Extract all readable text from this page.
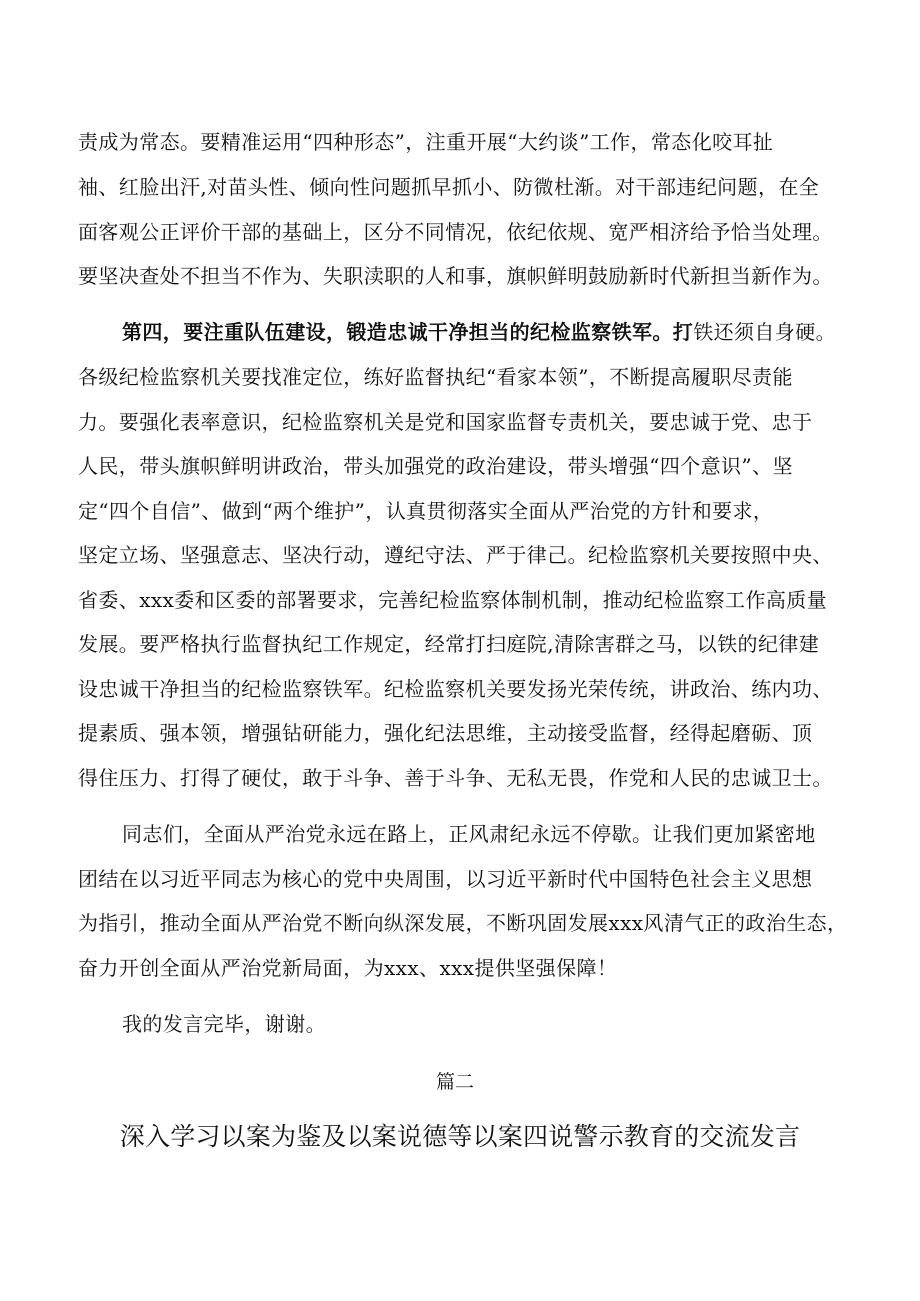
责成为常态。要精准运用“四种形态”，注重开展“大约谈”工作，常态化咬耳扯
袖、红脸出汗,对苗头性、倾向性问题抓早抓小、防微杜渐。对干部违纪问题，在全
面客观公正评价干部的基础上，区分不同情况，依纪依规、宽严相济给予恰当处理。
要坚决查处不担当不作为、失职渎职的人和事，旗帜鲜明鼓励新时代新担当新作为。
第四，要注重队伍建设，锻造忠诚干净担当的纪检监察铁军。打铁还须自身硬。
各级纪检监察机关要找准定位，练好监督执纪“看家本领”，不断提高履职尽责能
力。要强化表率意识，纪检监察机关是党和国家监督专责机关，要忠诚于党、忠于
人民，带头旗帜鲜明讲政治，带头加强党的政治建设，带头增强“四个意识”、坚
定“四个自信”、做到“两个维护”，认真贯彻落实全面从严治党的方针和要求，
坚定立场、坚强意志、坚决行动，遵纪守法、严于律己。纪检监察机关要按照中央、
省委、xxx委和区委的部署要求，完善纪检监察体制机制，推动纪检监察工作高质量
发展。要严格执行监督执纪工作规定，经常打扫庭院,清除害群之马，以铁的纪律建
设忠诚干净担当的纪检监察铁军。纪检监察机关要发扬光荣传统，讲政治、练内功、
提素质、强本领，增强钻研能力，强化纪法思维，主动接受监督，经得起磨砺、顶
得住压力、打得了硬仗，敢于斗争、善于斗争、无私无畏，作党和人民的忠诚卫士。
同志们，全面从严治党永远在路上，正风肃纪永远不停歇。让我们更加紧密地
团结在以习近平同志为核心的党中央周围，以习近平新时代中国特色社会主义思想
为指引，推动全面从严治党不断向纵深发展，不断巩固发展xxx风清气正的政治生态，
奋力开创全面从严治党新局面，为xxx、xxx提供坚强保障！
我的发言完毕，谢谢。
篇二
深入学习以案为鉴及以案说德等以案四说警示教育的交流发言
